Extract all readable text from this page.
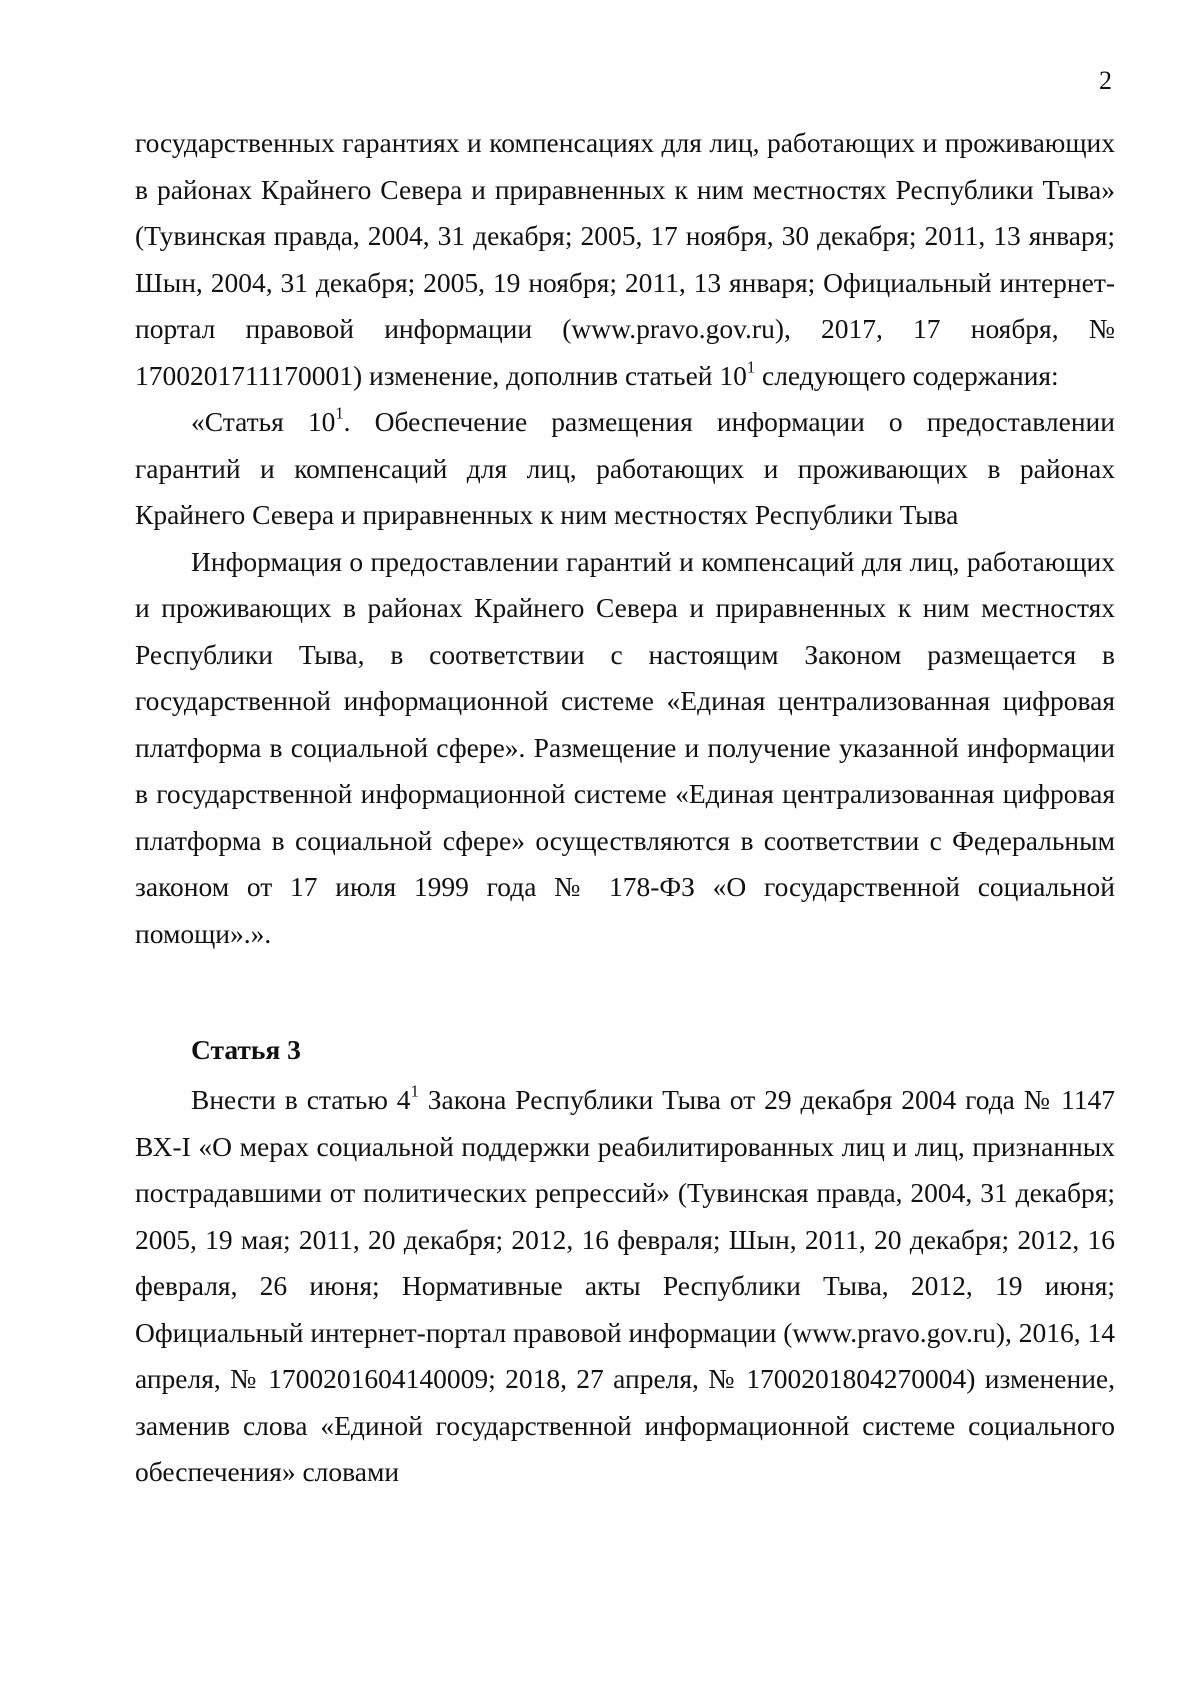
2

государственных гарантиях и компенсациях для лиц, работающих и проживающих в районах Крайнего Севера и приравненных к ним местностях Республики Тыва» (Тувинская правда, 2004, 31 декабря; 2005, 17 ноября, 30 декабря; 2011, 13 января; Шын, 2004, 31 декабря; 2005, 19 ноября; 2011, 13 января; Официальный интернет-портал правовой информации (www.pravo.gov.ru), 2017, 17 ноября, № 1700201711170001) изменение, дополнив статьей $10^1$ следующего содержания:

«Статья $10^1$. Обеспечение размещения информации о предоставлении гарантий и компенсаций для лиц, работающих и проживающих в районах Крайнего Севера и приравненных к ним местностях Республики Тыва

Информация о предоставлении гарантий и компенсаций для лиц, работающих и проживающих в районах Крайнего Севера и приравненных к ним местностях Республики Тыва, в соответствии с настоящим Законом размещается в государственной информационной системе «Единая централизованная цифровая платформа в социальной сфере». Размещение и получение указанной информации в государственной информационной системе «Единая централизованная цифровая платформа в социальной сфере» осуществляются в соответствии с Федеральным законом от 17 июля 1999 года № 178-ФЗ «О государственной социальной помощи».».

Статья 3

Внести в статью $4^1$ Закона Республики Тыва от 29 декабря 2004 года № 1147 ВХ-I «О мерах социальной поддержки реабилитированных лиц и лиц, признанных пострадавшими от политических репрессий» (Тувинская правда, 2004, 31 декабря; 2005, 19 мая; 2011, 20 декабря; 2012, 16 февраля; Шын, 2011, 20 декабря; 2012, 16 февраля, 26 июня; Нормативные акты Республики Тыва, 2012, 19 июня; Официальный интернет-портал правовой информации (www.pravo.gov.ru), 2016, 14 апреля, № 1700201604140009; 2018, 27 апреля, № 1700201804270004) изменение, заменив слова «Единой государственной информационной системе социального обеспечения» словами
